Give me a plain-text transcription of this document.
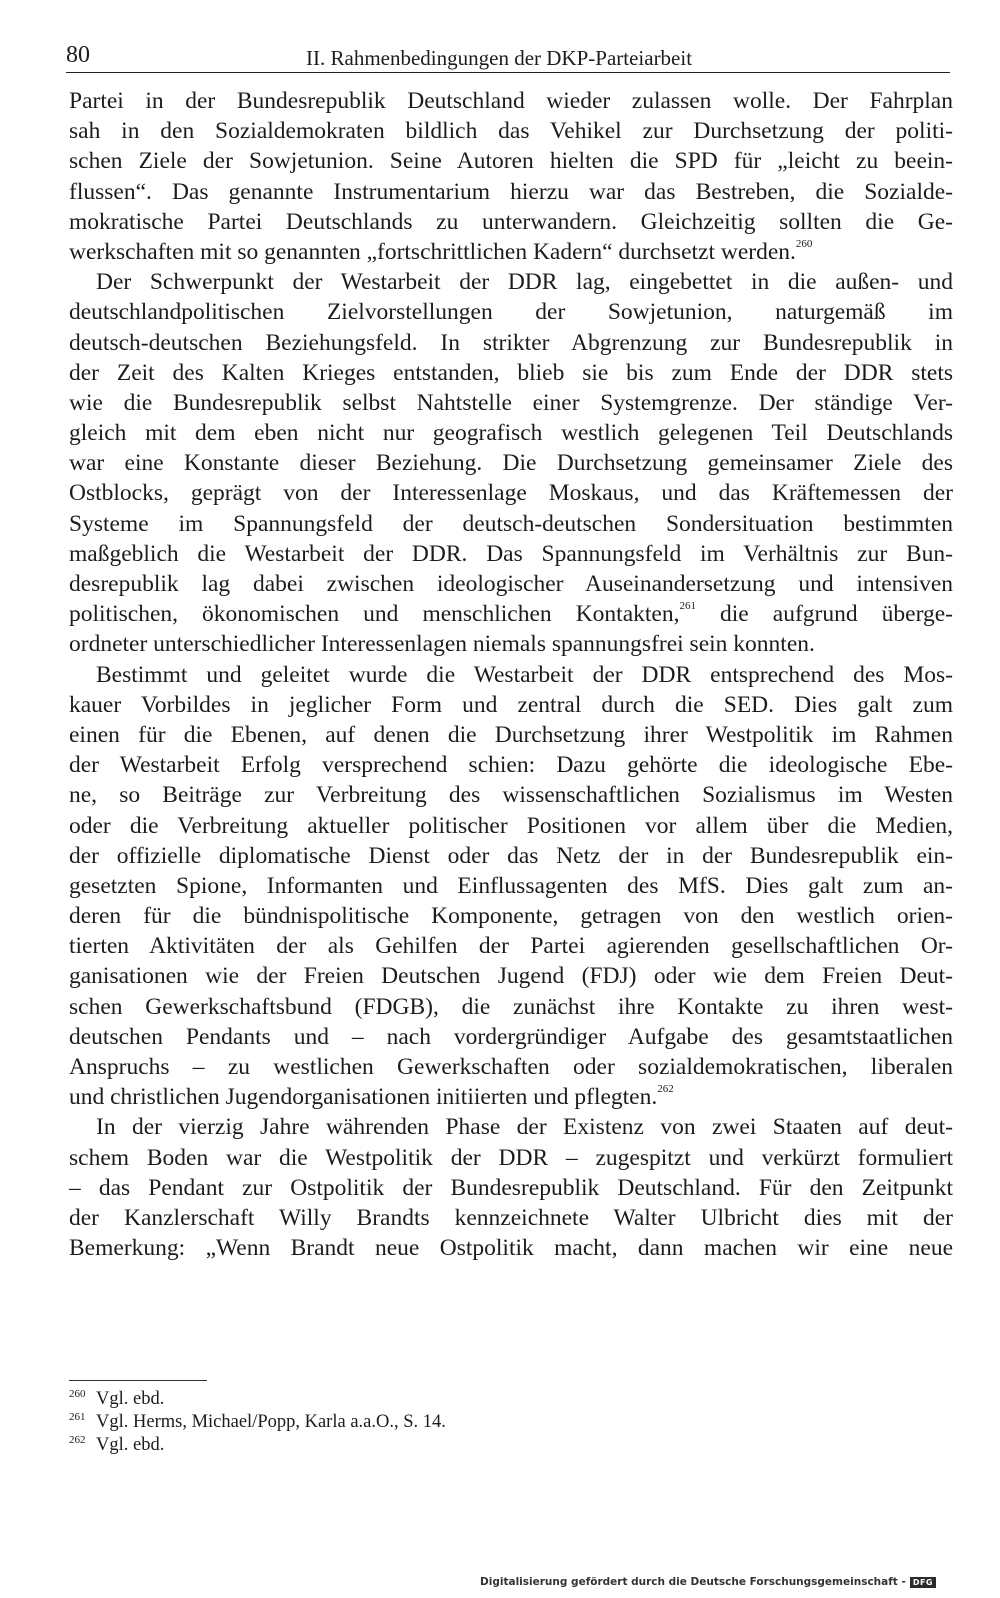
80	II. Rahmenbedingungen der DKP-Parteiarbeit
Partei in der Bundesrepublik Deutschland wieder zulassen wolle. Der Fahrplan
sah in den Sozialdemokraten bildlich das Vehikel zur Durchsetzung der politi-
schen Ziele der Sowjetunion. Seine Autoren hielten die SPD für „leicht zu beein-
flussen“. Das genannte Instrumentarium hierzu war das Bestreben, die Sozialde-
mokratische Partei Deutschlands zu unterwandern. Gleichzeitig sollten die Ge-
werkschaften mit so genannten „fortschrittlichen Kadern“ durchsetzt werden.$^{260}$
Der Schwerpunkt der Westarbeit der DDR lag, eingebettet in die außen- und
deutschlandpolitischen Zielvorstellungen der Sowjetunion, naturgemäß im
deutsch-deutschen Beziehungsfeld. In strikter Abgrenzung zur Bundesrepublik in
der Zeit des Kalten Krieges entstanden, blieb sie bis zum Ende der DDR stets
wie die Bundesrepublik selbst Nahtstelle einer Systemgrenze. Der ständige Ver-
gleich mit dem eben nicht nur geografisch westlich gelegenen Teil Deutschlands
war eine Konstante dieser Beziehung. Die Durchsetzung gemeinsamer Ziele des
Ostblocks, geprägt von der Interessenlage Moskaus, und das Kräftemessen der
Systeme im Spannungsfeld der deutsch-deutschen Sondersituation bestimmten
maßgeblich die Westarbeit der DDR. Das Spannungsfeld im Verhältnis zur Bun-
desrepublik lag dabei zwischen ideologischer Auseinandersetzung und intensiven
politischen, ökonomischen und menschlichen Kontakten,$^{261}$ die aufgrund überge-
ordneter unterschiedlicher Interessenlagen niemals spannungsfrei sein konnten.
Bestimmt und geleitet wurde die Westarbeit der DDR entsprechend des Mos-
kauer Vorbildes in jeglicher Form und zentral durch die SED. Dies galt zum
einen für die Ebenen, auf denen die Durchsetzung ihrer Westpolitik im Rahmen
der Westarbeit Erfolg versprechend schien: Dazu gehörte die ideologische Ebe-
ne, so Beiträge zur Verbreitung des wissenschaftlichen Sozialismus im Westen
oder die Verbreitung aktueller politischer Positionen vor allem über die Medien,
der offizielle diplomatische Dienst oder das Netz der in der Bundesrepublik ein-
gesetzten Spione, Informanten und Einflussagenten des MfS. Dies galt zum an-
deren für die bündnispolitische Komponente, getragen von den westlich orien-
tierten Aktivitäten der als Gehilfen der Partei agierenden gesellschaftlichen Or-
ganisationen wie der Freien Deutschen Jugend (FDJ) oder wie dem Freien Deut-
schen Gewerkschaftsbund (FDGB), die zunächst ihre Kontakte zu ihren west-
deutschen Pendants und – nach vordergründiger Aufgabe des gesamtstaatlichen
Anspruchs – zu westlichen Gewerkschaften oder sozialdemokratischen, liberalen
und christlichen Jugendorganisationen initiierten und pflegten.$^{262}$
In der vierzig Jahre währenden Phase der Existenz von zwei Staaten auf deut-
schem Boden war die Westpolitik der DDR – zugespitzt und verkürzt formuliert
– das Pendant zur Ostpolitik der Bundesrepublik Deutschland. Für den Zeitpunkt
der Kanzlerschaft Willy Brandts kennzeichnete Walter Ulbricht dies mit der
Bemerkung: „Wenn Brandt neue Ostpolitik macht, dann machen wir eine neue
$^{260}$ Vgl. ebd.
$^{261}$ Vgl. Herms, Michael/Popp, Karla a.a.O., S. 14.
$^{262}$ Vgl. ebd.
Digitalisierung gefördert durch die Deutsche Forschungsgemeinschaft - DFG
